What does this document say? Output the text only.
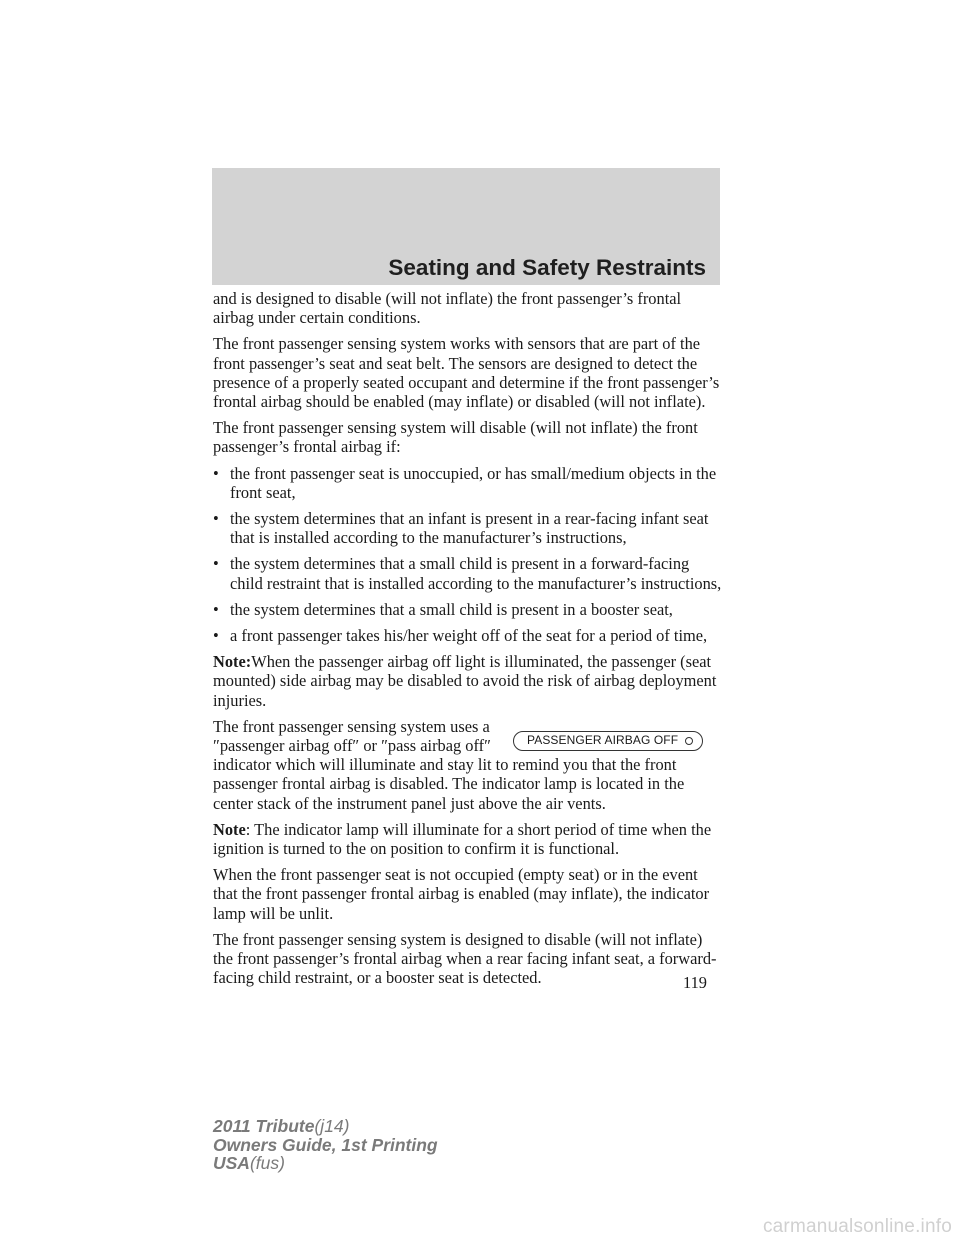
Seating and Safety Restraints

and is designed to disable (will not inflate) the front passenger’s frontal airbag under certain conditions.

The front passenger sensing system works with sensors that are part of the front passenger’s seat and seat belt. The sensors are designed to detect the presence of a properly seated occupant and determine if the front passenger’s frontal airbag should be enabled (may inflate) or disabled (will not inflate).

The front passenger sensing system will disable (will not inflate) the front passenger’s frontal airbag if:

• the front passenger seat is unoccupied, or has small/medium objects in the front seat,
• the system determines that an infant is present in a rear-facing infant seat that is installed according to the manufacturer’s instructions,
• the system determines that a small child is present in a forward-facing child restraint that is installed according to the manufacturer’s instructions,
• the system determines that a small child is present in a booster seat,
• a front passenger takes his/her weight off of the seat for a period of time,

Note:When the passenger airbag off light is illuminated, the passenger (seat mounted) side airbag may be disabled to avoid the risk of airbag deployment injuries.

PASSENGER AIRBAG OFF

The front passenger sensing system uses a ″passenger airbag off″ or ″pass airbag off″ indicator which will illuminate and stay lit to remind you that the front passenger frontal airbag is disabled. The indicator lamp is located in the center stack of the instrument panel just above the air vents.

Note: The indicator lamp will illuminate for a short period of time when the ignition is turned to the on position to confirm it is functional.

When the front passenger seat is not occupied (empty seat) or in the event that the front passenger frontal airbag is enabled (may inflate), the indicator lamp will be unlit.

The front passenger sensing system is designed to disable (will not inflate) the front passenger’s frontal airbag when a rear facing infant seat, a forward-facing child restraint, or a booster seat is detected.	119
2011 Tribute(j14)
Owners Guide, 1st Printing
USA(fus)
carmanualsonline.info
